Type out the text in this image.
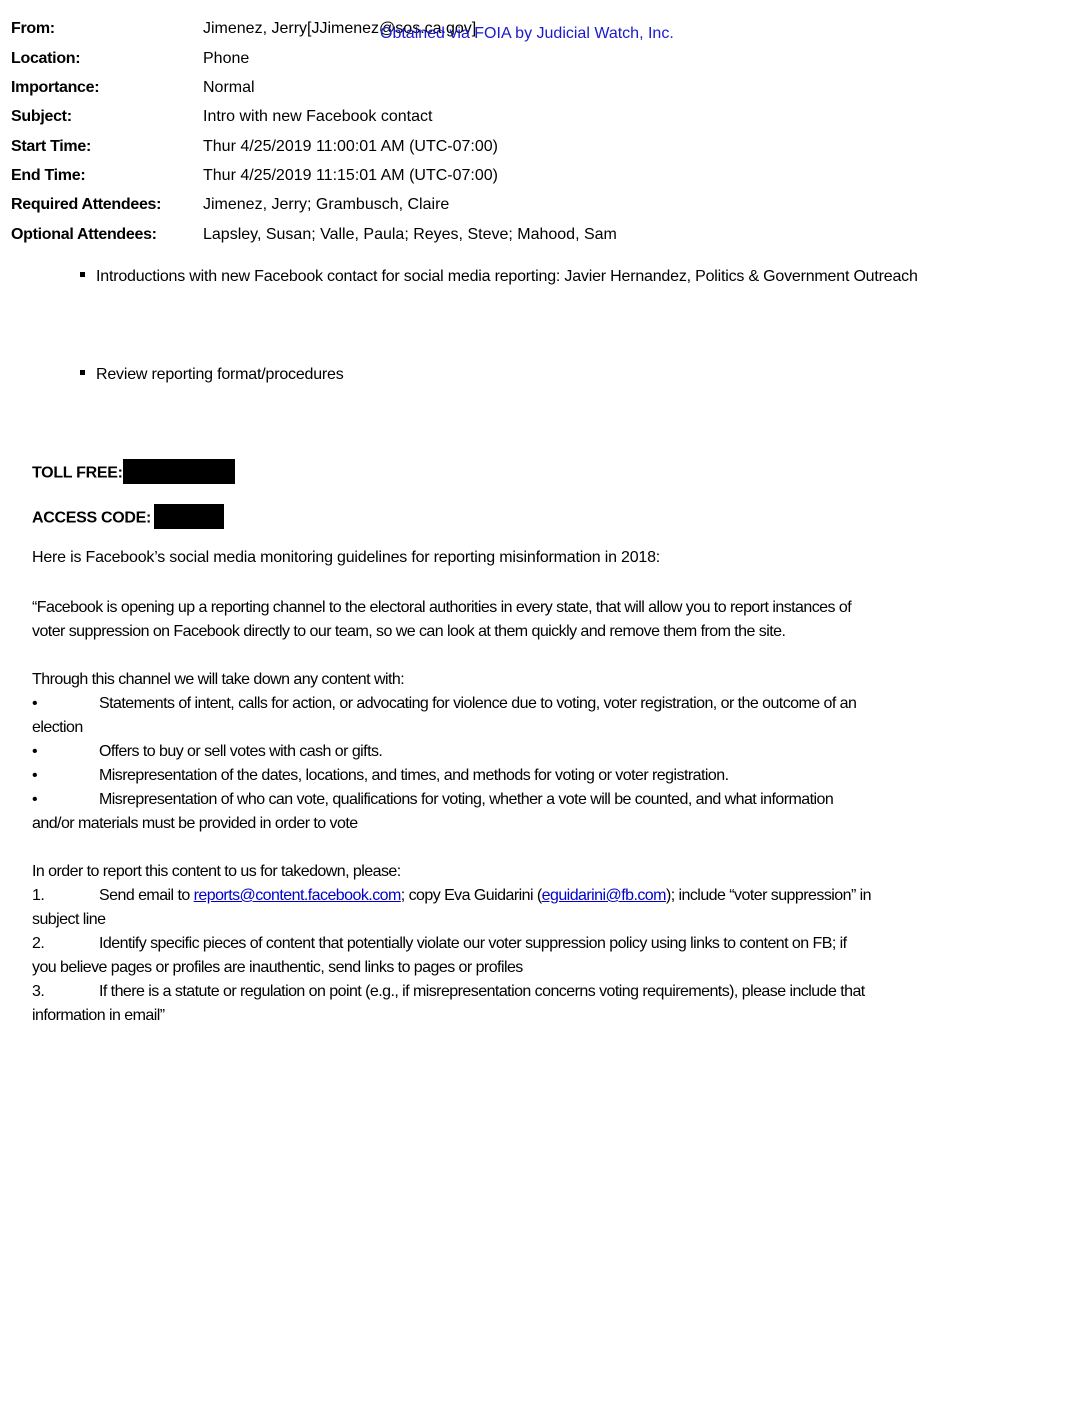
From:	Jimenez, Jerry[JJimenez@sos.ca.gov]
Location:	Phone
Importance:	Normal
Subject:	Intro with new Facebook contact
Start Time:	Thur 4/25/2019 11:00:01 AM (UTC-07:00)
End Time:	Thur 4/25/2019 11:15:01 AM (UTC-07:00)
Required Attendees:	Jimenez, Jerry; Grambusch, Claire
Optional Attendees:	Lapsley, Susan; Valle, Paula; Reyes, Steve; Mahood, Sam
Obtained via FOIA by Judicial Watch, Inc.
Introductions with new Facebook contact for social media reporting: Javier Hernandez, Politics & Government Outreach
Review reporting format/procedures
TOLL FREE:
ACCESS CODE:
Here is Facebook’s social media monitoring guidelines for reporting misinformation in 2018:
“Facebook is opening up a reporting channel to the electoral authorities in every state, that will allow you to report instances of
voter suppression on Facebook directly to our team, so we can look at them quickly and remove them from the site.
Through this channel we will take down any content with:
•	Statements of intent, calls for action, or advocating for violence due to voting, voter registration, or the outcome of an
election
•	Offers to buy or sell votes with cash or gifts.
•	Misrepresentation of the dates, locations, and times, and methods for voting or voter registration.
•	Misrepresentation of who can vote, qualifications for voting, whether a vote will be counted, and what information
and/or materials must be provided in order to vote
In order to report this content to us for takedown, please:
1.	Send email to reports@content.facebook.com; copy Eva Guidarini (eguidarini@fb.com); include “voter suppression” in
subject line
2.	Identify specific pieces of content that potentially violate our voter suppression policy using links to content on FB; if
you believe pages or profiles are inauthentic, send links to pages or profiles
3.	If there is a statute or regulation on point (e.g., if misrepresentation concerns voting requirements), please include that
information in email”
